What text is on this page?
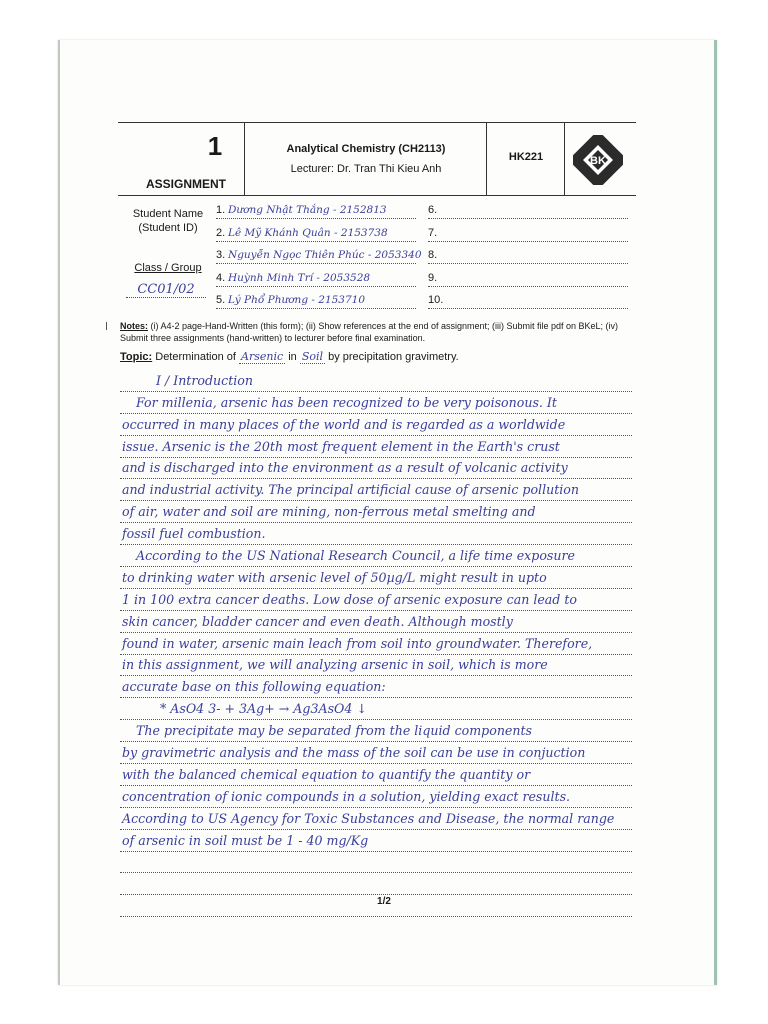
1
ASSIGNMENT
Analytical Chemistry (CH2113)
Lecturer: Dr. Tran Thi Kieu Anh
HK221	BK
Student Name
(Student ID)
Class / Group
CC01/02
1. Dương Nhật Thắng - 2152813
2. Lê Mỹ Khánh Quân - 2153738
3. Nguyễn Ngọc Thiên Phúc - 2053340
4. Huỳnh Minh Trí - 2053528
5. Lý Phổ Phương - 2153710
6.
7.
8.
9.
10.
Notes: (i) A4-2 page-Hand-Written (this form); (ii) Show references at the end of assignment; (iii) Submit file pdf on BKeL; (iv) Submit three assignments (hand-written) to lecturer before final examination.
Topic: Determination of Arsenic in Soil by precipitation gravimetry.
I / Introduction
For millenia, arsenic has been recognized to be very poisonous. It
occurred in many places of the world and is regarded as a worldwide
issue. Arsenic is the 20th most frequent element in the Earth's crust
and is discharged into the environment as a result of volcanic activity
and industrial activity. The principal artificial cause of arsenic pollution
of air, water and soil are mining, non-ferrous metal smelting and
fossil fuel combustion.
According to the US National Research Council, a life time exposure
to drinking water with arsenic level of 50µg/L might result in upto
1 in 100 extra cancer deaths. Low dose of arsenic exposure can lead to
skin cancer, bladder cancer and even death. Although mostly
found in water, arsenic main leach from soil into groundwater. Therefore,
in this assignment, we will analyzing arsenic in soil, which is more
accurate base on this following equation:
* AsO4 3- + 3Ag+ → Ag3AsO4 ↓
The precipitate may be separated from the liquid components
by gravimetric analysis and the mass of the soil can be use in conjuction
with the balanced chemical equation to quantify the quantity or
concentration of ionic compounds in a solution, yielding exact results.
According to US Agency for Toxic Substances and Disease, the normal range
of arsenic in soil must be 1 - 40 mg/Kg
1/2
